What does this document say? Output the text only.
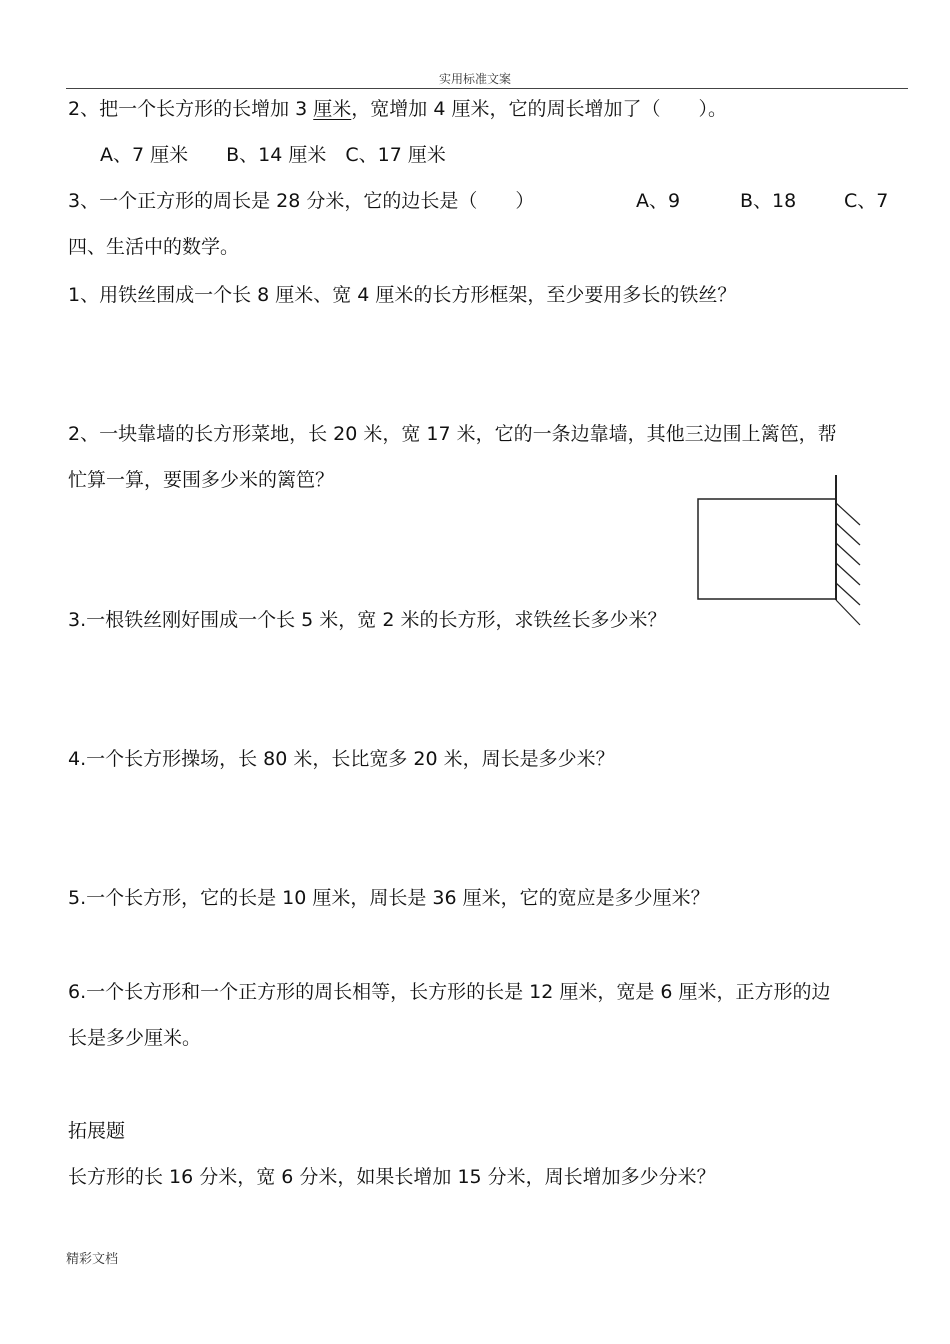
实用标准文案
2、把一个长方形的长增加 3 厘米，宽增加 4 厘米，它的周长增加了（　　）。
A、7 厘米　　B、14 厘米　C、17 厘米
3、一个正方形的周长是 28 分米，它的边长是（　　）	A、9	B、18	C、7
四、生活中的数学。
1、用铁丝围成一个长 8 厘米、宽 4 厘米的长方形框架，至少要用多长的铁丝？
2、一块靠墙的长方形菜地，长 20 米，宽 17 米，它的一条边靠墙，其他三边围上篱笆，帮
忙算一算，要围多少米的篱笆？
3.一根铁丝刚好围成一个长 5 米，宽 2 米的长方形，求铁丝长多少米？
4.一个长方形操场，长 80 米，长比宽多 20 米，周长是多少米？
5.一个长方形，它的长是 10 厘米，周长是 36 厘米，它的宽应是多少厘米？
6.一个长方形和一个正方形的周长相等，长方形的长是 12 厘米，宽是 6 厘米，正方形的边
长是多少厘米。
拓展题
长方形的长 16 分米，宽 6 分米，如果长增加 15 分米，周长增加多少分米？
精彩文档
